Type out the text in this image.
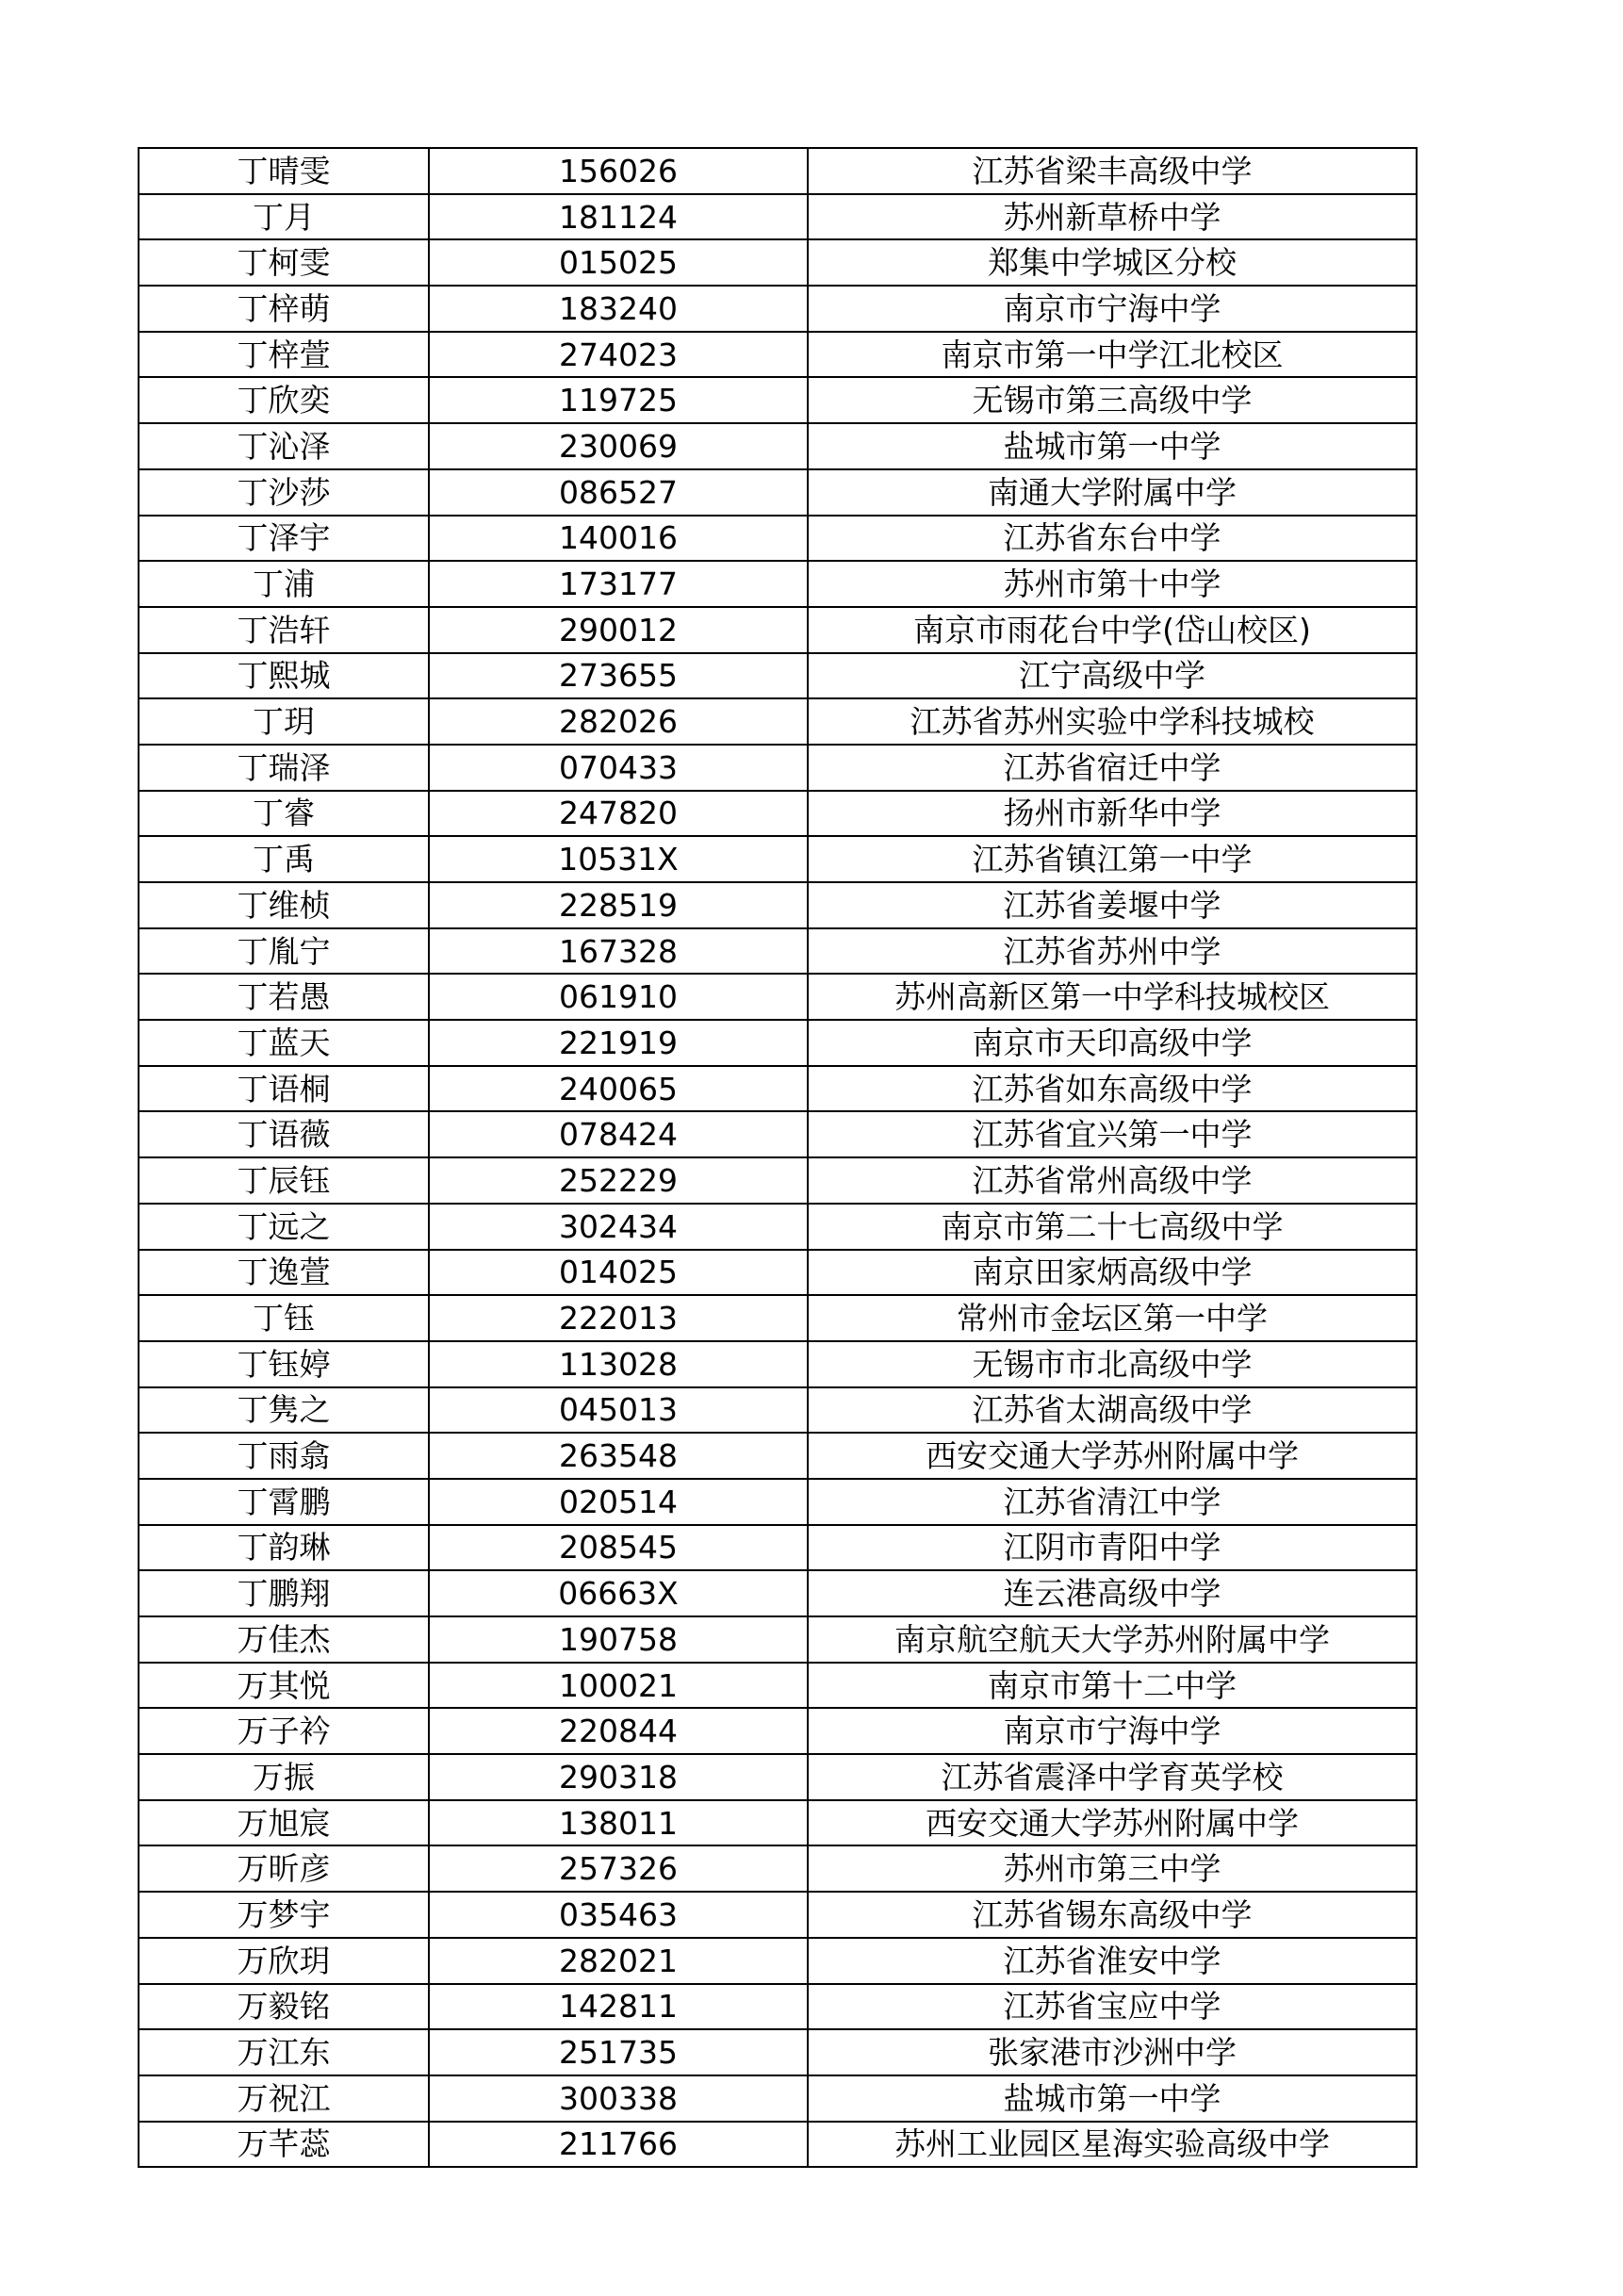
丁晴雯	156026	江苏省梁丰高级中学
丁月	181124	苏州新草桥中学
丁柯雯	015025	郑集中学城区分校
丁梓萌	183240	南京市宁海中学
丁梓萱	274023	南京市第一中学江北校区
丁欣奕	119725	无锡市第三高级中学
丁沁泽	230069	盐城市第一中学
丁沙莎	086527	南通大学附属中学
丁泽宇	140016	江苏省东台中学
丁浦	173177	苏州市第十中学
丁浩轩	290012	南京市雨花台中学(岱山校区)
丁熙城	273655	江宁高级中学
丁玥	282026	江苏省苏州实验中学科技城校
丁瑞泽	070433	江苏省宿迁中学
丁睿	247820	扬州市新华中学
丁禹	10531X	江苏省镇江第一中学
丁维桢	228519	江苏省姜堰中学
丁胤宁	167328	江苏省苏州中学
丁若愚	061910	苏州高新区第一中学科技城校区
丁蓝天	221919	南京市天印高级中学
丁语桐	240065	江苏省如东高级中学
丁语薇	078424	江苏省宜兴第一中学
丁辰钰	252229	江苏省常州高级中学
丁远之	302434	南京市第二十七高级中学
丁逸萱	014025	南京田家炳高级中学
丁钰	222013	常州市金坛区第一中学
丁钰婷	113028	无锡市市北高级中学
丁隽之	045013	江苏省太湖高级中学
丁雨翕	263548	西安交通大学苏州附属中学
丁霄鹏	020514	江苏省清江中学
丁韵琳	208545	江阴市青阳中学
丁鹏翔	06663X	连云港高级中学
万佳杰	190758	南京航空航天大学苏州附属中学
万其悦	100021	南京市第十二中学
万子衿	220844	南京市宁海中学
万振	290318	江苏省震泽中学育英学校
万旭宸	138011	西安交通大学苏州附属中学
万昕彦	257326	苏州市第三中学
万梦宇	035463	江苏省锡东高级中学
万欣玥	282021	江苏省淮安中学
万毅铭	142811	江苏省宝应中学
万江东	251735	张家港市沙洲中学
万祝江	300338	盐城市第一中学
万芊蕊	211766	苏州工业园区星海实验高级中学
